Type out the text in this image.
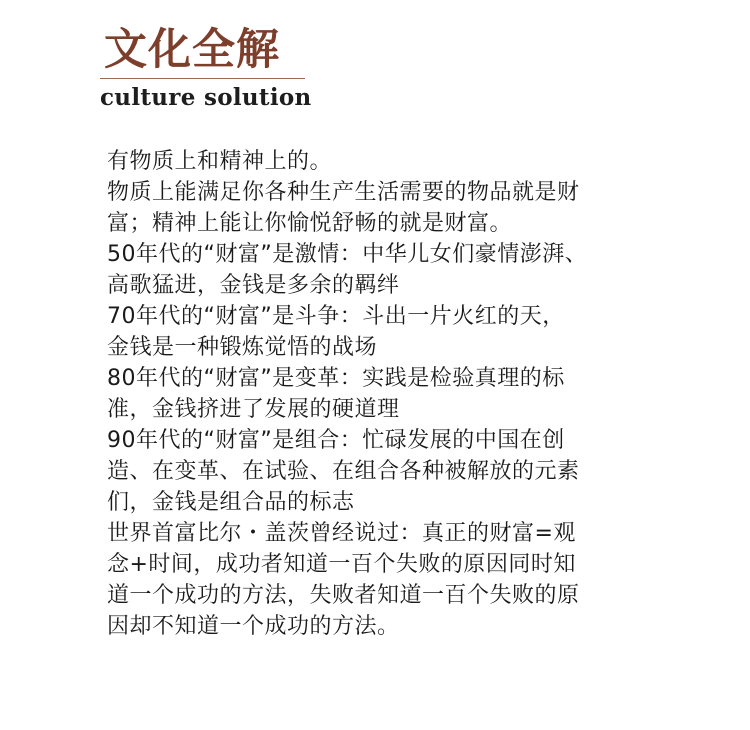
文化全解
culture solution
有物质上和精神上的。
物质上能满足你各种生产生活需要的物品就是财
富；精神上能让你愉悦舒畅的就是财富。
50年代的“财富”是激情：中华儿女们豪情澎湃、
高歌猛进，金钱是多余的羁绊
70年代的“财富”是斗争：斗出一片火红的天，
金钱是一种锻炼觉悟的战场
80年代的“财富”是变革：实践是检验真理的标
准，金钱挤进了发展的硬道理
90年代的“财富”是组合：忙碌发展的中国在创
造、在变革、在试验、在组合各种被解放的元素
们，金钱是组合品的标志
世界首富比尔・盖茨曾经说过：真正的财富=观
念+时间，成功者知道一百个失败的原因同时知
道一个成功的方法，失败者知道一百个失败的原
因却不知道一个成功的方法。
